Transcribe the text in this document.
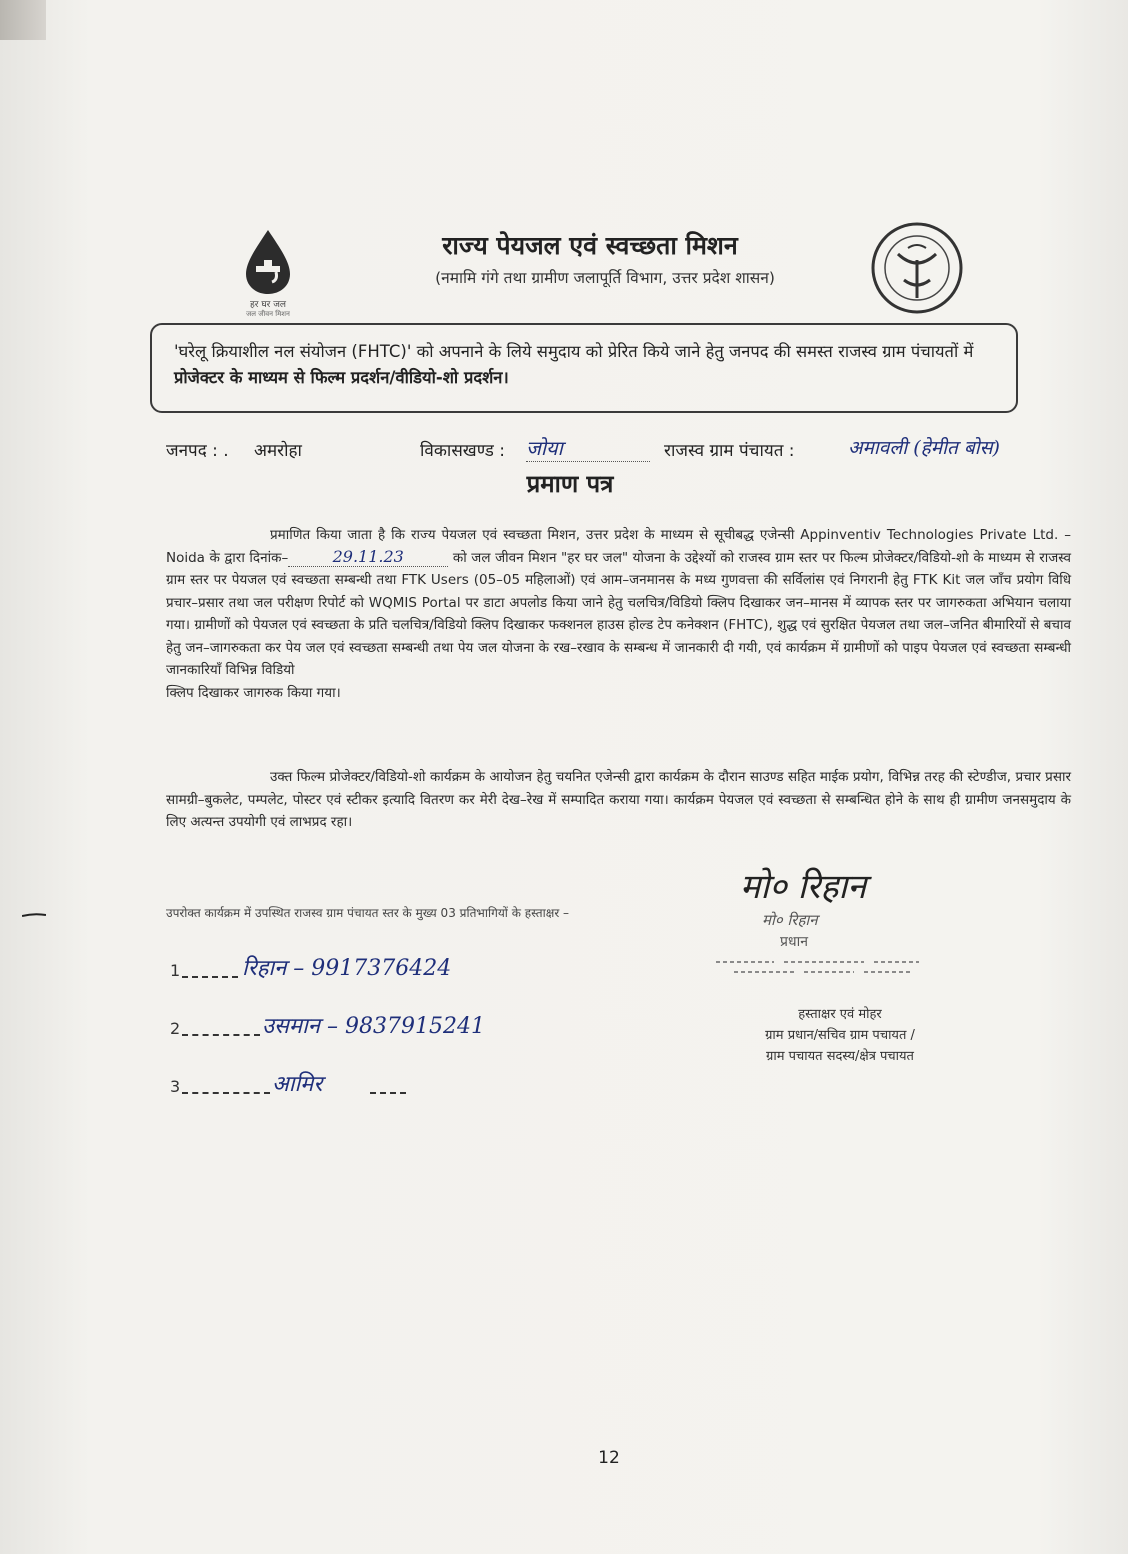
हर घर जल
जल जीवन मिशन
राज्य पेयजल एवं स्वच्छता मिशन
(नमामि गंगे तथा ग्रामीण जलापूर्ति विभाग, उत्तर प्रदेश शासन)
'घरेलू क्रियाशील नल संयोजन (FHTC)' को अपनाने के लिये समुदाय को प्रेरित किये जाने हेतु जनपद की समस्त राजस्व ग्राम पंचायतों में प्रोजेक्टर के माध्यम से फिल्म प्रदर्शन/वीडियो-शो प्रदर्शन।
जनपद : . अमरोहा	विकासखण्ड : जोया	राजस्व ग्राम पंचायत :	अमावली (हेमीत बोस)
प्रमाण पत्र
प्रमाणित किया जाता है कि राज्य पेयजल एवं स्वच्छता मिशन, उत्तर प्रदेश के माध्यम से सूचीबद्ध एजेन्सी Appinventiv Technologies Private Ltd. – Noida के द्वारा दिनांक–	29.11.23	को जल जीवन मिशन "हर घर जल" योजना के उद्देश्यों को राजस्व ग्राम स्तर पर फिल्म प्रोजेक्टर/विडियो-शो के माध्यम से राजस्व ग्राम स्तर पर पेयजल एवं स्वच्छता सम्बन्धी तथा FTK Users (05–05 महिलाओं) एवं आम–जनमानस के मध्य गुणवत्ता की सर्विलांस एवं निगरानी हेतु FTK Kit जल जाँच प्रयोग विधि प्रचार–प्रसार तथा जल परीक्षण रिपोर्ट को WQMIS Portal पर डाटा अपलोड किया जाने हेतु चलचित्र/विडियो क्लिप दिखाकर जन–मानस में व्यापक स्तर पर जागरुकता अभियान चलाया गया। ग्रामीणों को पेयजल एवं स्वच्छता के प्रति चलचित्र/विडियो क्लिप दिखाकर फक्शनल हाउस होल्ड टेप कनेक्शन (FHTC), शुद्ध एवं सुरक्षित पेयजल तथा जल–जनित बीमारियों से बचाव हेतु जन–जागरुकता कर पेय जल एवं स्वच्छता सम्बन्धी तथा पेय जल योजना के रख–रखाव के सम्बन्ध में जानकारी दी गयी, एवं कार्यक्रम में ग्रामीणों को पाइप पेयजल एवं स्वच्छता सम्बन्धी जानकारियाँ विभिन्न विडियो
क्लिप दिखाकर जागरुक किया गया।
उक्त फिल्म प्रोजेक्टर/विडियो-शो कार्यक्रम के आयोजन हेतु चयनित एजेन्सी द्वारा कार्यक्रम के दौरान साउण्ड सहित माईक प्रयोग, विभिन्न तरह की स्टेण्डीज, प्रचार प्रसार सामग्री–बुकलेट, पम्पलेट, पोस्टर एवं स्टीकर इत्यादि वितरण कर मेरी देख–रेख में सम्पादित कराया गया। कार्यक्रम पेयजल एवं स्वच्छता से सम्बन्धित होने के साथ ही ग्रामीण जनसमुदाय के लिए अत्यन्त उपयोगी एवं लाभप्रद रहा।
उपरोक्त कार्यक्रम में उपस्थित राजस्व ग्राम पंचायत स्तर के मुख्य 03 प्रतिभागियों के हस्ताक्षर –
1	रिहान – 9917376424
2	उसमान – 9837915241
3	आमिर
मो० रिहान
मो० रिहान
प्रधान
हस्ताक्षर एवं मोहर
ग्राम प्रधान/सचिव ग्राम पचायत /
ग्राम पचायत सदस्य/क्षेत्र पचायत
12
